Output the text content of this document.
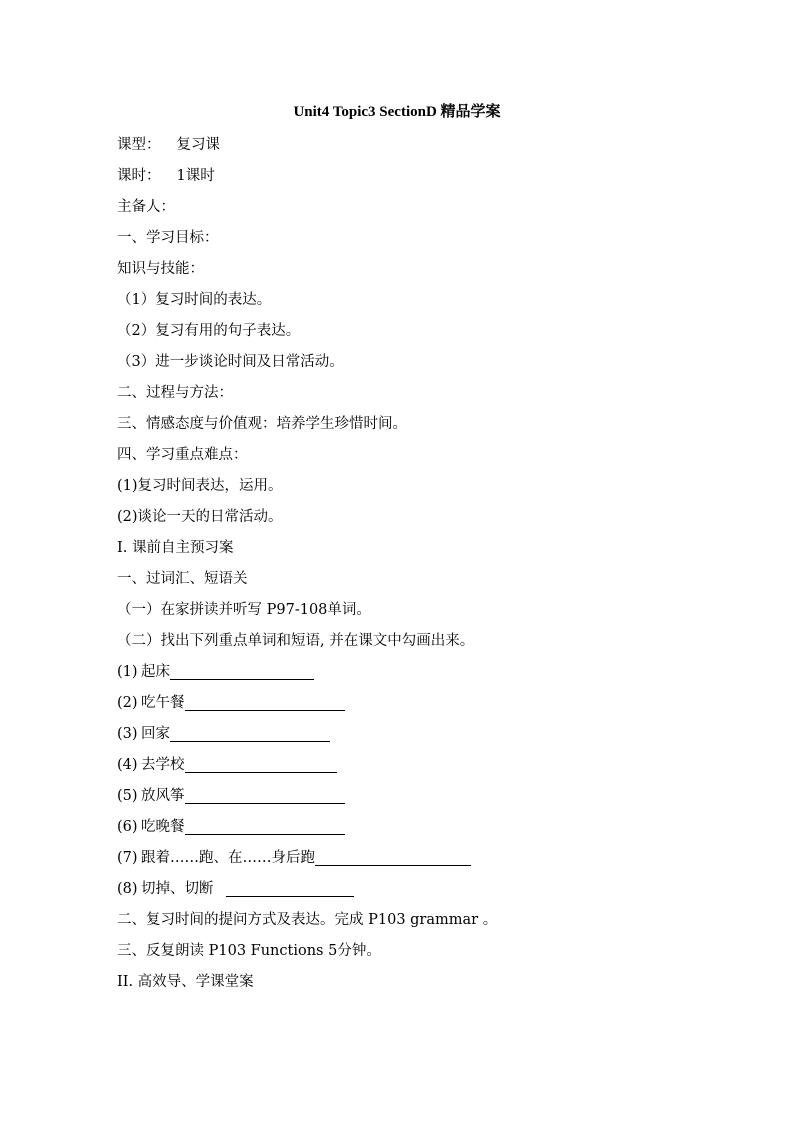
Unit4 Topic3 SectionD 精品学案
课型： 复习课
课时： 1课时
主备人：
一、学习目标：
知识与技能：
（1）复习时间的表达。
（2）复习有用的句子表达。
（3）进一步谈论时间及日常活动。
二、过程与方法：
三、情感态度与价值观：培养学生珍惜时间。
四、学习重点难点：
(1)复习时间表达，运用。
(2)谈论一天的日常活动。
I. 课前自主预习案
一、过词汇、短语关
（一）在家拼读并听写 P97-108单词。
（二）找出下列重点单词和短语, 并在课文中勾画出来。
(1) 起床
(2) 吃午餐
(3) 回家
(4) 去学校
(5) 放风筝
(6) 吃晚餐
(7) 跟着……跑、在……身后跑
(8) 切掉、切断
二、复习时间的提问方式及表达。完成 P103 grammar 。
三、反复朗读 P103 Functions 5分钟。
II. 高效导、学课堂案
